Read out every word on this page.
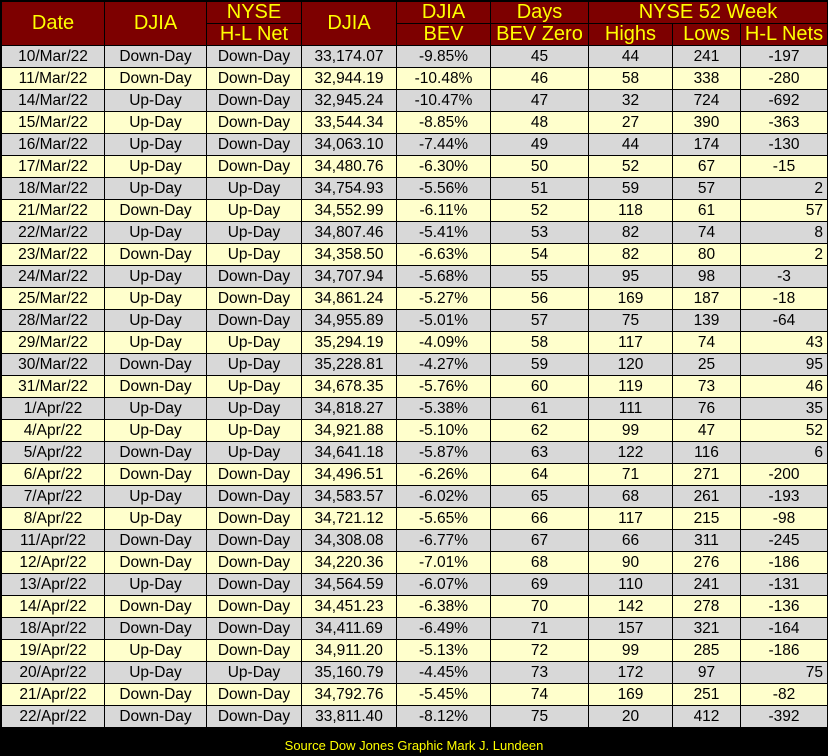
Date	DJIA	NYSE	DJIA	DJIA	Days	NYSE 52 Week		
		H-L Net		BEV	BEV Zero	Highs	Lows	H-L Nets
10/Mar/22	Down-Day	Down-Day	33,174.07	-9.85%	45	44	241	-197
11/Mar/22	Down-Day	Down-Day	32,944.19	-10.48%	46	58	338	-280
14/Mar/22	Up-Day	Down-Day	32,945.24	-10.47%	47	32	724	-692
15/Mar/22	Up-Day	Down-Day	33,544.34	-8.85%	48	27	390	-363
16/Mar/22	Up-Day	Down-Day	34,063.10	-7.44%	49	44	174	-130
17/Mar/22	Up-Day	Down-Day	34,480.76	-6.30%	50	52	67	-15
18/Mar/22	Up-Day	Up-Day	34,754.93	-5.56%	51	59	57	2
21/Mar/22	Down-Day	Up-Day	34,552.99	-6.11%	52	118	61	57
22/Mar/22	Up-Day	Up-Day	34,807.46	-5.41%	53	82	74	8
23/Mar/22	Down-Day	Up-Day	34,358.50	-6.63%	54	82	80	2
24/Mar/22	Up-Day	Down-Day	34,707.94	-5.68%	55	95	98	-3
25/Mar/22	Up-Day	Down-Day	34,861.24	-5.27%	56	169	187	-18
28/Mar/22	Up-Day	Down-Day	34,955.89	-5.01%	57	75	139	-64
29/Mar/22	Up-Day	Up-Day	35,294.19	-4.09%	58	117	74	43
30/Mar/22	Down-Day	Up-Day	35,228.81	-4.27%	59	120	25	95
31/Mar/22	Down-Day	Up-Day	34,678.35	-5.76%	60	119	73	46
1/Apr/22	Up-Day	Up-Day	34,818.27	-5.38%	61	111	76	35
4/Apr/22	Up-Day	Up-Day	34,921.88	-5.10%	62	99	47	52
5/Apr/22	Down-Day	Up-Day	34,641.18	-5.87%	63	122	116	6
6/Apr/22	Down-Day	Down-Day	34,496.51	-6.26%	64	71	271	-200
7/Apr/22	Up-Day	Down-Day	34,583.57	-6.02%	65	68	261	-193
8/Apr/22	Up-Day	Down-Day	34,721.12	-5.65%	66	117	215	-98
11/Apr/22	Down-Day	Down-Day	34,308.08	-6.77%	67	66	311	-245
12/Apr/22	Down-Day	Down-Day	34,220.36	-7.01%	68	90	276	-186
13/Apr/22	Up-Day	Down-Day	34,564.59	-6.07%	69	110	241	-131
14/Apr/22	Down-Day	Down-Day	34,451.23	-6.38%	70	142	278	-136
18/Apr/22	Down-Day	Down-Day	34,411.69	-6.49%	71	157	321	-164
19/Apr/22	Up-Day	Down-Day	34,911.20	-5.13%	72	99	285	-186
20/Apr/22	Up-Day	Up-Day	35,160.79	-4.45%	73	172	97	75
21/Apr/22	Down-Day	Down-Day	34,792.76	-5.45%	74	169	251	-82
22/Apr/22	Down-Day	Down-Day	33,811.40	-8.12%	75	20	412	-392
Source Dow Jones Graphic Mark J. Lundeen
